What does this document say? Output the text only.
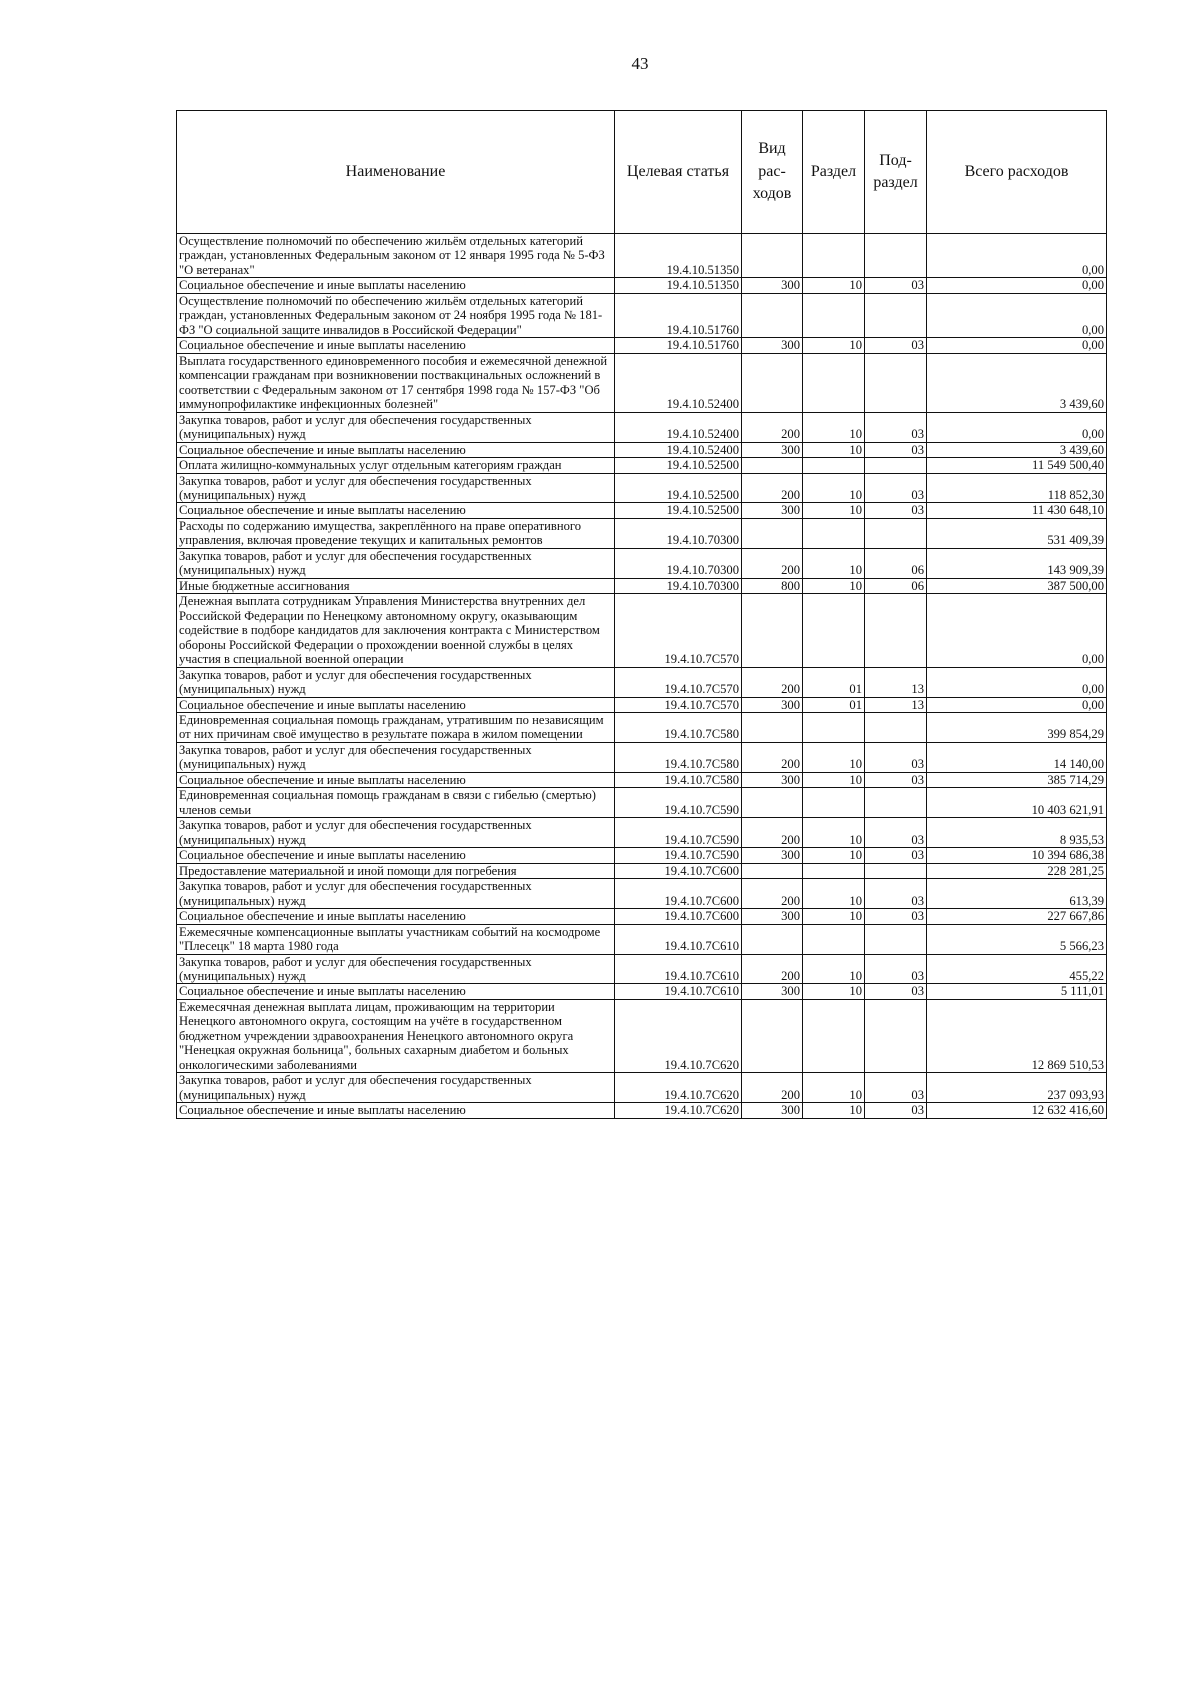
43
Наименование	Целевая статья	Вид рас-ходов	Раздел	Под-раздел	Всего расходов
Осуществление полномочий по обеспечению жильём отдельных категорий граждан, установленных Федеральным законом от 12 января 1995 года № 5-ФЗ "О ветеранах"	19.4.10.51350				0,00
Социальное обеспечение и иные выплаты населению	19.4.10.51350	300	10	03	0,00
Осуществление полномочий по обеспечению жильём отдельных категорий граждан, установленных Федеральным законом от 24 ноября 1995 года № 181-ФЗ "О социальной защите инвалидов в Российской Федерации"	19.4.10.51760				0,00
Социальное обеспечение и иные выплаты населению	19.4.10.51760	300	10	03	0,00
Выплата государственного единовременного пособия и ежемесячной денежной компенсации гражданам при возникновении поствакцинальных осложнений в соответствии с Федеральным законом от 17 сентября 1998 года № 157-ФЗ "Об иммунопрофилактике инфекционных болезней"	19.4.10.52400				3 439,60
Закупка товаров, работ и услуг для обеспечения государственных (муниципальных) нужд	19.4.10.52400	200	10	03	0,00
Социальное обеспечение и иные выплаты населению	19.4.10.52400	300	10	03	3 439,60
Оплата жилищно-коммунальных услуг отдельным категориям граждан	19.4.10.52500				11 549 500,40
Закупка товаров, работ и услуг для обеспечения государственных (муниципальных) нужд	19.4.10.52500	200	10	03	118 852,30
Социальное обеспечение и иные выплаты населению	19.4.10.52500	300	10	03	11 430 648,10
Расходы по содержанию имущества, закреплённого на праве оперативного управления, включая проведение текущих и капитальных ремонтов	19.4.10.70300				531 409,39
Закупка товаров, работ и услуг для обеспечения государственных (муниципальных) нужд	19.4.10.70300	200	10	06	143 909,39
Иные бюджетные ассигнования	19.4.10.70300	800	10	06	387 500,00
Денежная выплата сотрудникам Управления Министерства внутренних дел Российской Федерации по Ненецкому автономному округу, оказывающим содействие в подборе кандидатов для заключения контракта с Министерством обороны Российской Федерации о прохождении военной службы в целях участия в специальной военной операции	19.4.10.7С570				0,00
Закупка товаров, работ и услуг для обеспечения государственных (муниципальных) нужд	19.4.10.7С570	200	01	13	0,00
Социальное обеспечение и иные выплаты населению	19.4.10.7С570	300	01	13	0,00
Единовременная социальная помощь гражданам, утратившим по независящим от них причинам своё имущество в результате пожара в жилом помещении	19.4.10.7С580				399 854,29
Закупка товаров, работ и услуг для обеспечения государственных (муниципальных) нужд	19.4.10.7С580	200	10	03	14 140,00
Социальное обеспечение и иные выплаты населению	19.4.10.7С580	300	10	03	385 714,29
Единовременная социальная помощь гражданам в связи с гибелью (смертью) членов семьи	19.4.10.7С590				10 403 621,91
Закупка товаров, работ и услуг для обеспечения государственных (муниципальных) нужд	19.4.10.7С590	200	10	03	8 935,53
Социальное обеспечение и иные выплаты населению	19.4.10.7С590	300	10	03	10 394 686,38
Предоставление материальной и иной помощи для погребения	19.4.10.7С600				228 281,25
Закупка товаров, работ и услуг для обеспечения государственных (муниципальных) нужд	19.4.10.7С600	200	10	03	613,39
Социальное обеспечение и иные выплаты населению	19.4.10.7С600	300	10	03	227 667,86
Ежемесячные компенсационные выплаты участникам событий на космодроме "Плесецк" 18 марта 1980 года	19.4.10.7С610				5 566,23
Закупка товаров, работ и услуг для обеспечения государственных (муниципальных) нужд	19.4.10.7С610	200	10	03	455,22
Социальное обеспечение и иные выплаты населению	19.4.10.7С610	300	10	03	5 111,01
Ежемесячная денежная выплата лицам, проживающим на территории Ненецкого автономного округа, состоящим на учёте в государственном бюджетном учреждении здравоохранения Ненецкого автономного округа "Ненецкая окружная больница", больных сахарным диабетом и больных онкологическими заболеваниями	19.4.10.7С620				12 869 510,53
Закупка товаров, работ и услуг для обеспечения государственных (муниципальных) нужд	19.4.10.7С620	200	10	03	237 093,93
Социальное обеспечение и иные выплаты населению	19.4.10.7С620	300	10	03	12 632 416,60
